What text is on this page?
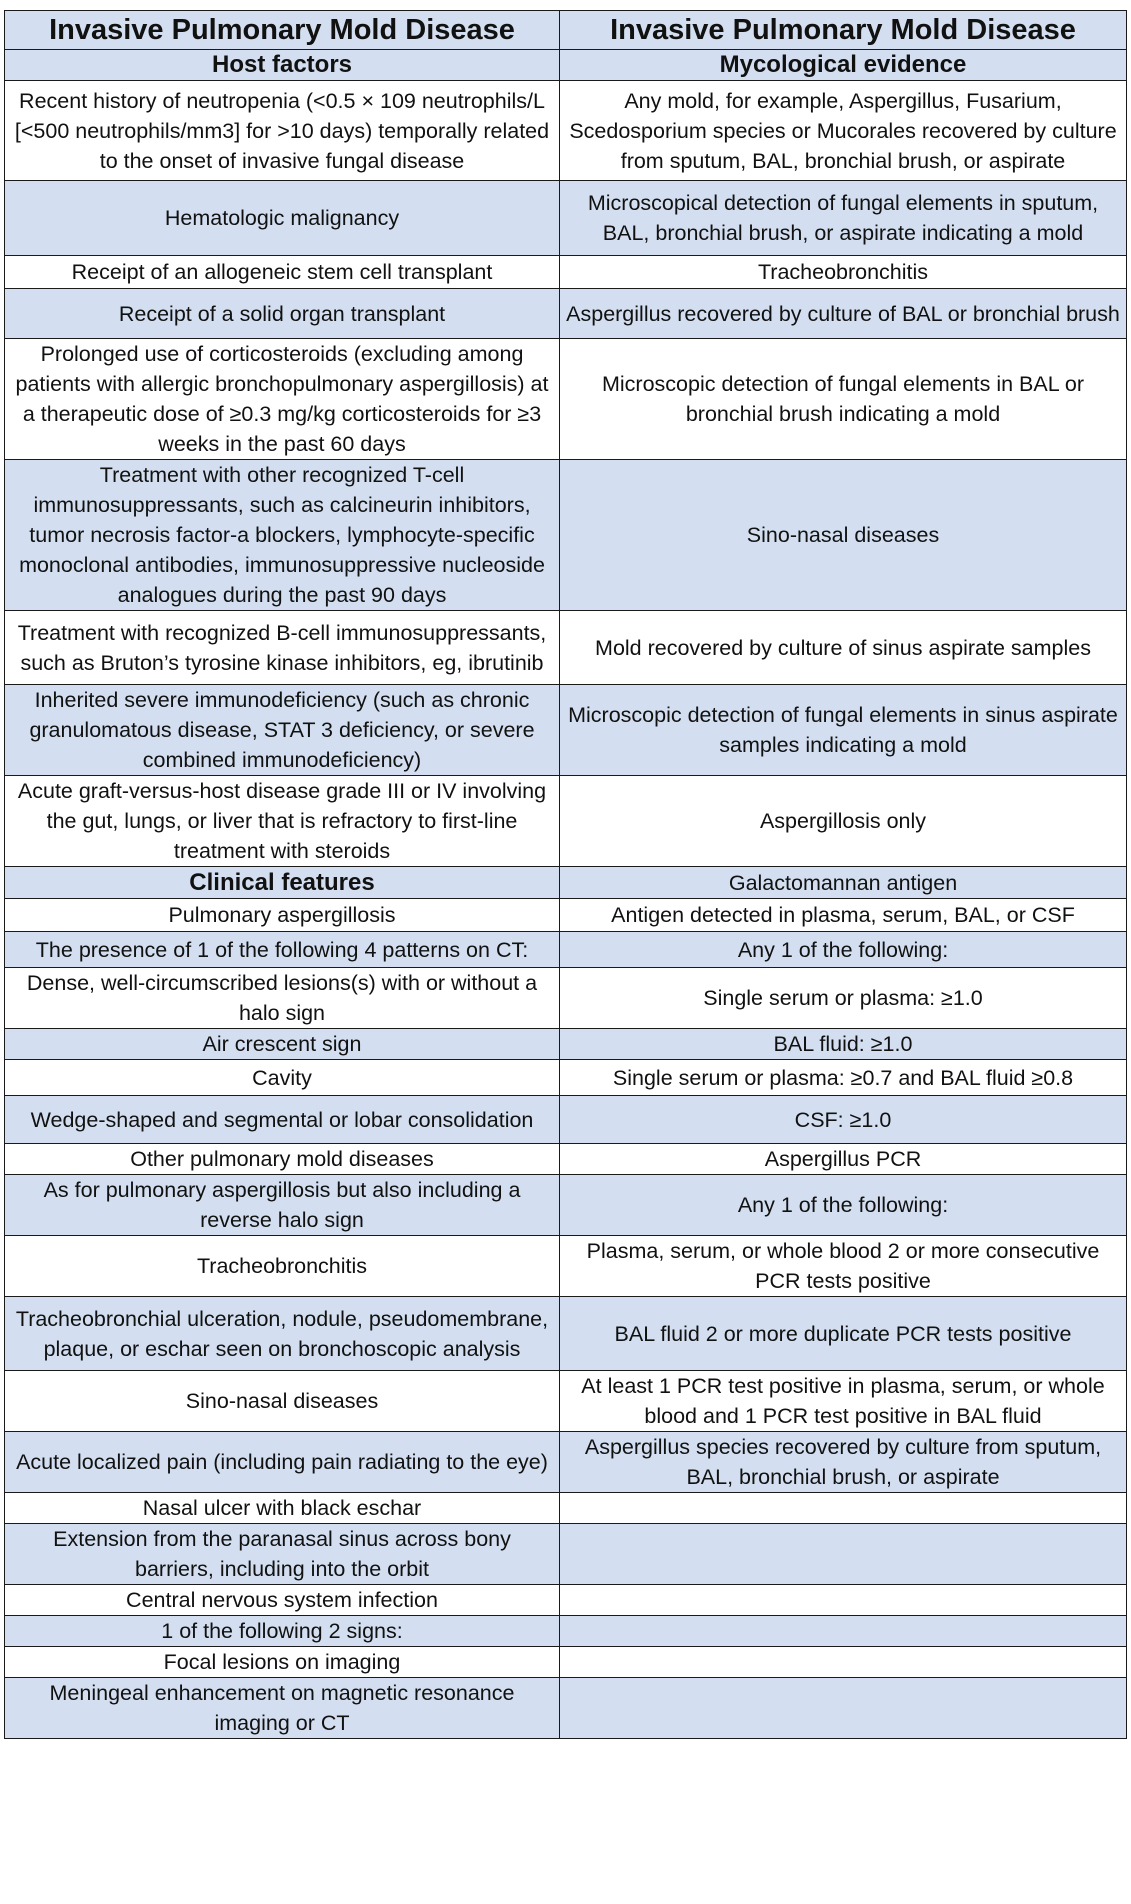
Invasive Pulmonary Mold Disease	Invasive Pulmonary Mold Disease
Host factors	Mycological evidence
Recent history of neutropenia (<0.5 × 109 neutrophils/L [<500 neutrophils/mm3] for >10 days) temporally related to the onset of invasive fungal disease	Any mold, for example, Aspergillus, Fusarium, Scedosporium species or Mucorales recovered by culture from sputum, BAL, bronchial brush, or aspirate
Hematologic malignancy	Microscopical detection of fungal elements in sputum, BAL, bronchial brush, or aspirate indicating a mold
Receipt of an allogeneic stem cell transplant	Tracheobronchitis
Receipt of a solid organ transplant	Aspergillus recovered by culture of BAL or bronchial brush
Prolonged use of corticosteroids (excluding among patients with allergic bronchopulmonary aspergillosis) at a therapeutic dose of ≥0.3 mg/kg corticosteroids for ≥3 weeks in the past 60 days	Microscopic detection of fungal elements in BAL or bronchial brush indicating a mold
Treatment with other recognized T-cell immunosuppressants, such as calcineurin inhibitors, tumor necrosis factor-a blockers, lymphocyte-specific monoclonal antibodies, immunosuppressive nucleoside analogues during the past 90 days	Sino-nasal diseases
Treatment with recognized B-cell immunosuppressants, such as Bruton’s tyrosine kinase inhibitors, eg, ibrutinib	Mold recovered by culture of sinus aspirate samples
Inherited severe immunodeficiency (such as chronic granulomatous disease, STAT 3 deficiency, or severe combined immunodeficiency)	Microscopic detection of fungal elements in sinus aspirate samples indicating a mold
Acute graft-versus-host disease grade III or IV involving the gut, lungs, or liver that is refractory to first-line treatment with steroids	Aspergillosis only
Clinical features	Galactomannan antigen
Pulmonary aspergillosis	Antigen detected in plasma, serum, BAL, or CSF
The presence of 1 of the following 4 patterns on CT:	Any 1 of the following:
Dense, well-circumscribed lesions(s) with or without a halo sign	Single serum or plasma: ≥1.0
Air crescent sign	BAL fluid: ≥1.0
Cavity	Single serum or plasma: ≥0.7 and BAL fluid ≥0.8
Wedge-shaped and segmental or lobar consolidation	CSF: ≥1.0
Other pulmonary mold diseases	Aspergillus PCR
As for pulmonary aspergillosis but also including a reverse halo sign	Any 1 of the following:
Tracheobronchitis	Plasma, serum, or whole blood 2 or more consecutive PCR tests positive
Tracheobronchial ulceration, nodule, pseudomembrane, plaque, or eschar seen on bronchoscopic analysis	BAL fluid 2 or more duplicate PCR tests positive
Sino-nasal diseases	At least 1 PCR test positive in plasma, serum, or whole blood and 1 PCR test positive in BAL fluid
Acute localized pain (including pain radiating to the eye)	Aspergillus species recovered by culture from sputum, BAL, bronchial brush, or aspirate
Nasal ulcer with black eschar	
Extension from the paranasal sinus across bony barriers, including into the orbit	
Central nervous system infection	
1 of the following 2 signs:	
Focal lesions on imaging	
Meningeal enhancement on magnetic resonance imaging or CT	
